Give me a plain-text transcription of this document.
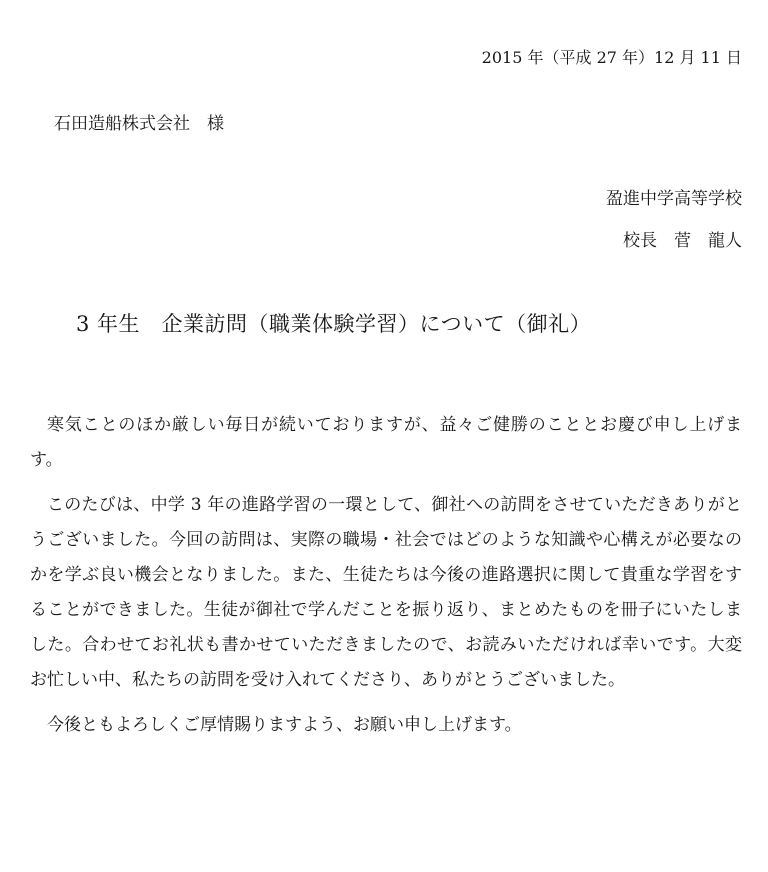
2015 年（平成 27 年）12 月 11 日
石田造船株式会社　様
盈進中学高等学校
校長　菅　龍人
3 年生　企業訪問（職業体験学習）について（御礼）

寒気ことのほか厳しい毎日が続いておりますが、益々ご健勝のこととお慶び申し上げます。

このたびは、中学 3 年の進路学習の一環として、御社への訪問をさせていただきありがとうございました。今回の訪問は、実際の職場・社会ではどのような知識や心構えが必要なのかを学ぶ良い機会となりました。また、生徒たちは今後の進路選択に関して貴重な学習をすることができました。生徒が御社で学んだことを振り返り、まとめたものを冊子にいたしました。合わせてお礼状も書かせていただきましたので、お読みいただければ幸いです。大変お忙しい中、私たちの訪問を受け入れてくださり、ありがとうございました。

今後ともよろしくご厚情賜りますよう、お願い申し上げます。
